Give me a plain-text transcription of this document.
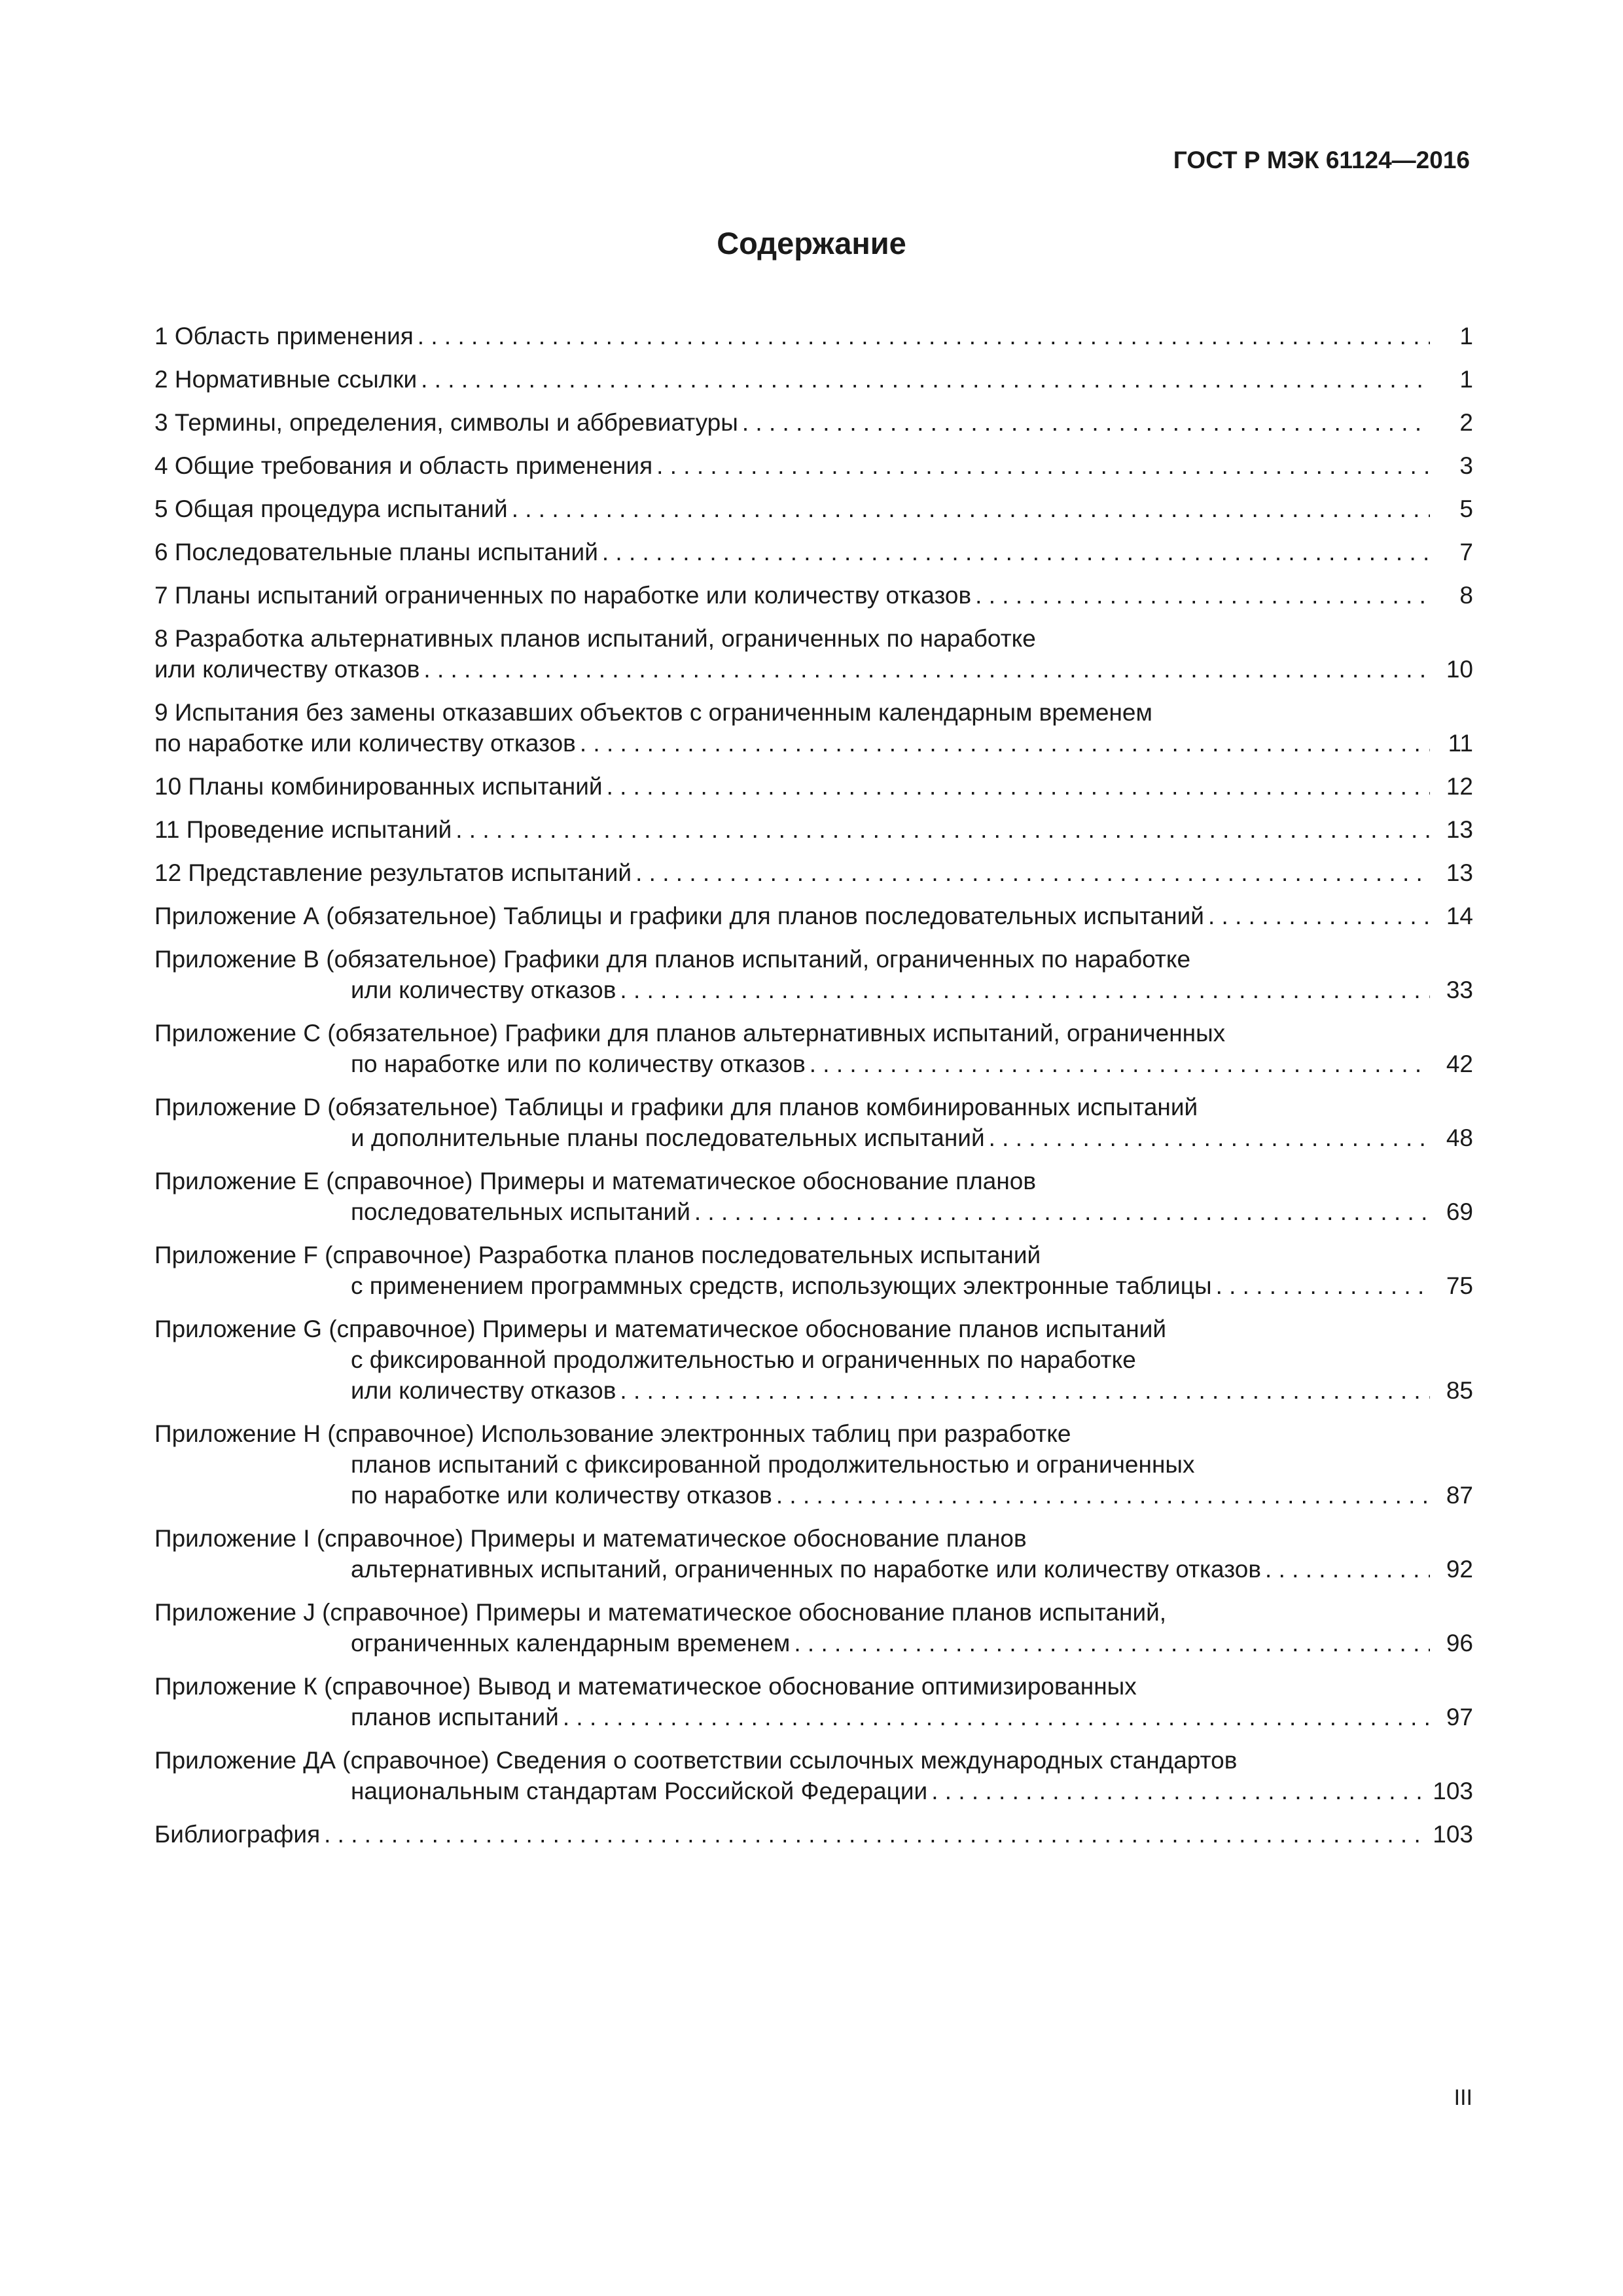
ГОСТ Р МЭК 61124—2016
Содержание
1 Область применения . . .	1
2 Нормативные ссылки . . .	1
3 Термины, определения, символы и аббревиатуры . . .	2
4 Общие требования и область применения . . .	3
5 Общая процедура испытаний . . .	5
6 Последовательные планы испытаний . . .	7
7 Планы испытаний ограниченных по наработке или количеству отказов . . .	8
8 Разработка альтернативных планов испытаний, ограниченных по наработке
или количеству отказов . . .	10
9 Испытания без замены отказавших объектов с ограниченным календарным временем
по наработке или количеству отказов . . .	11
10 Планы комбинированных испытаний . . .	12
11 Проведение испытаний . . .	13
12 Представление результатов испытаний . . .	13
Приложение А (обязательное) Таблицы и графики для планов последовательных испытаний . . .	14
Приложение В (обязательное) Графики для планов испытаний, ограниченных по наработке
или количеству отказов . . .	33
Приложение С (обязательное) Графики для планов альтернативных испытаний, ограниченных
по наработке или по количеству отказов . . .	42
Приложение D (обязательное) Таблицы и графики для планов комбинированных испытаний
и дополнительные планы последовательных испытаний . . .	48
Приложение Е (справочное) Примеры и математическое обоснование планов
последовательных испытаний . . .	69
Приложение F (справочное) Разработка планов последовательных испытаний
с применением программных средств, использующих электронные таблицы . . .	75
Приложение G (справочное) Примеры и математическое обоснование планов испытаний
с фиксированной продолжительностью и ограниченных по наработке
или количеству отказов . . .	85
Приложение Н (справочное) Использование электронных таблиц при разработке
планов испытаний с фиксированной продолжительностью и ограниченных
по наработке или количеству отказов . . .	87
Приложение I (справочное) Примеры и математическое обоснование планов
альтернативных испытаний, ограниченных по наработке или количеству отказов . . .	92
Приложение J (справочное) Примеры и математическое обоснование планов испытаний,
ограниченных календарным временем . . .	96
Приложение К (справочное) Вывод и математическое обоснование оптимизированных
планов испытаний . . .	97
Приложение ДА (справочное) Сведения о соответствии ссылочных международных стандартов
национальным стандартам Российской Федерации . . .	103
Библиография . . .	103
III
